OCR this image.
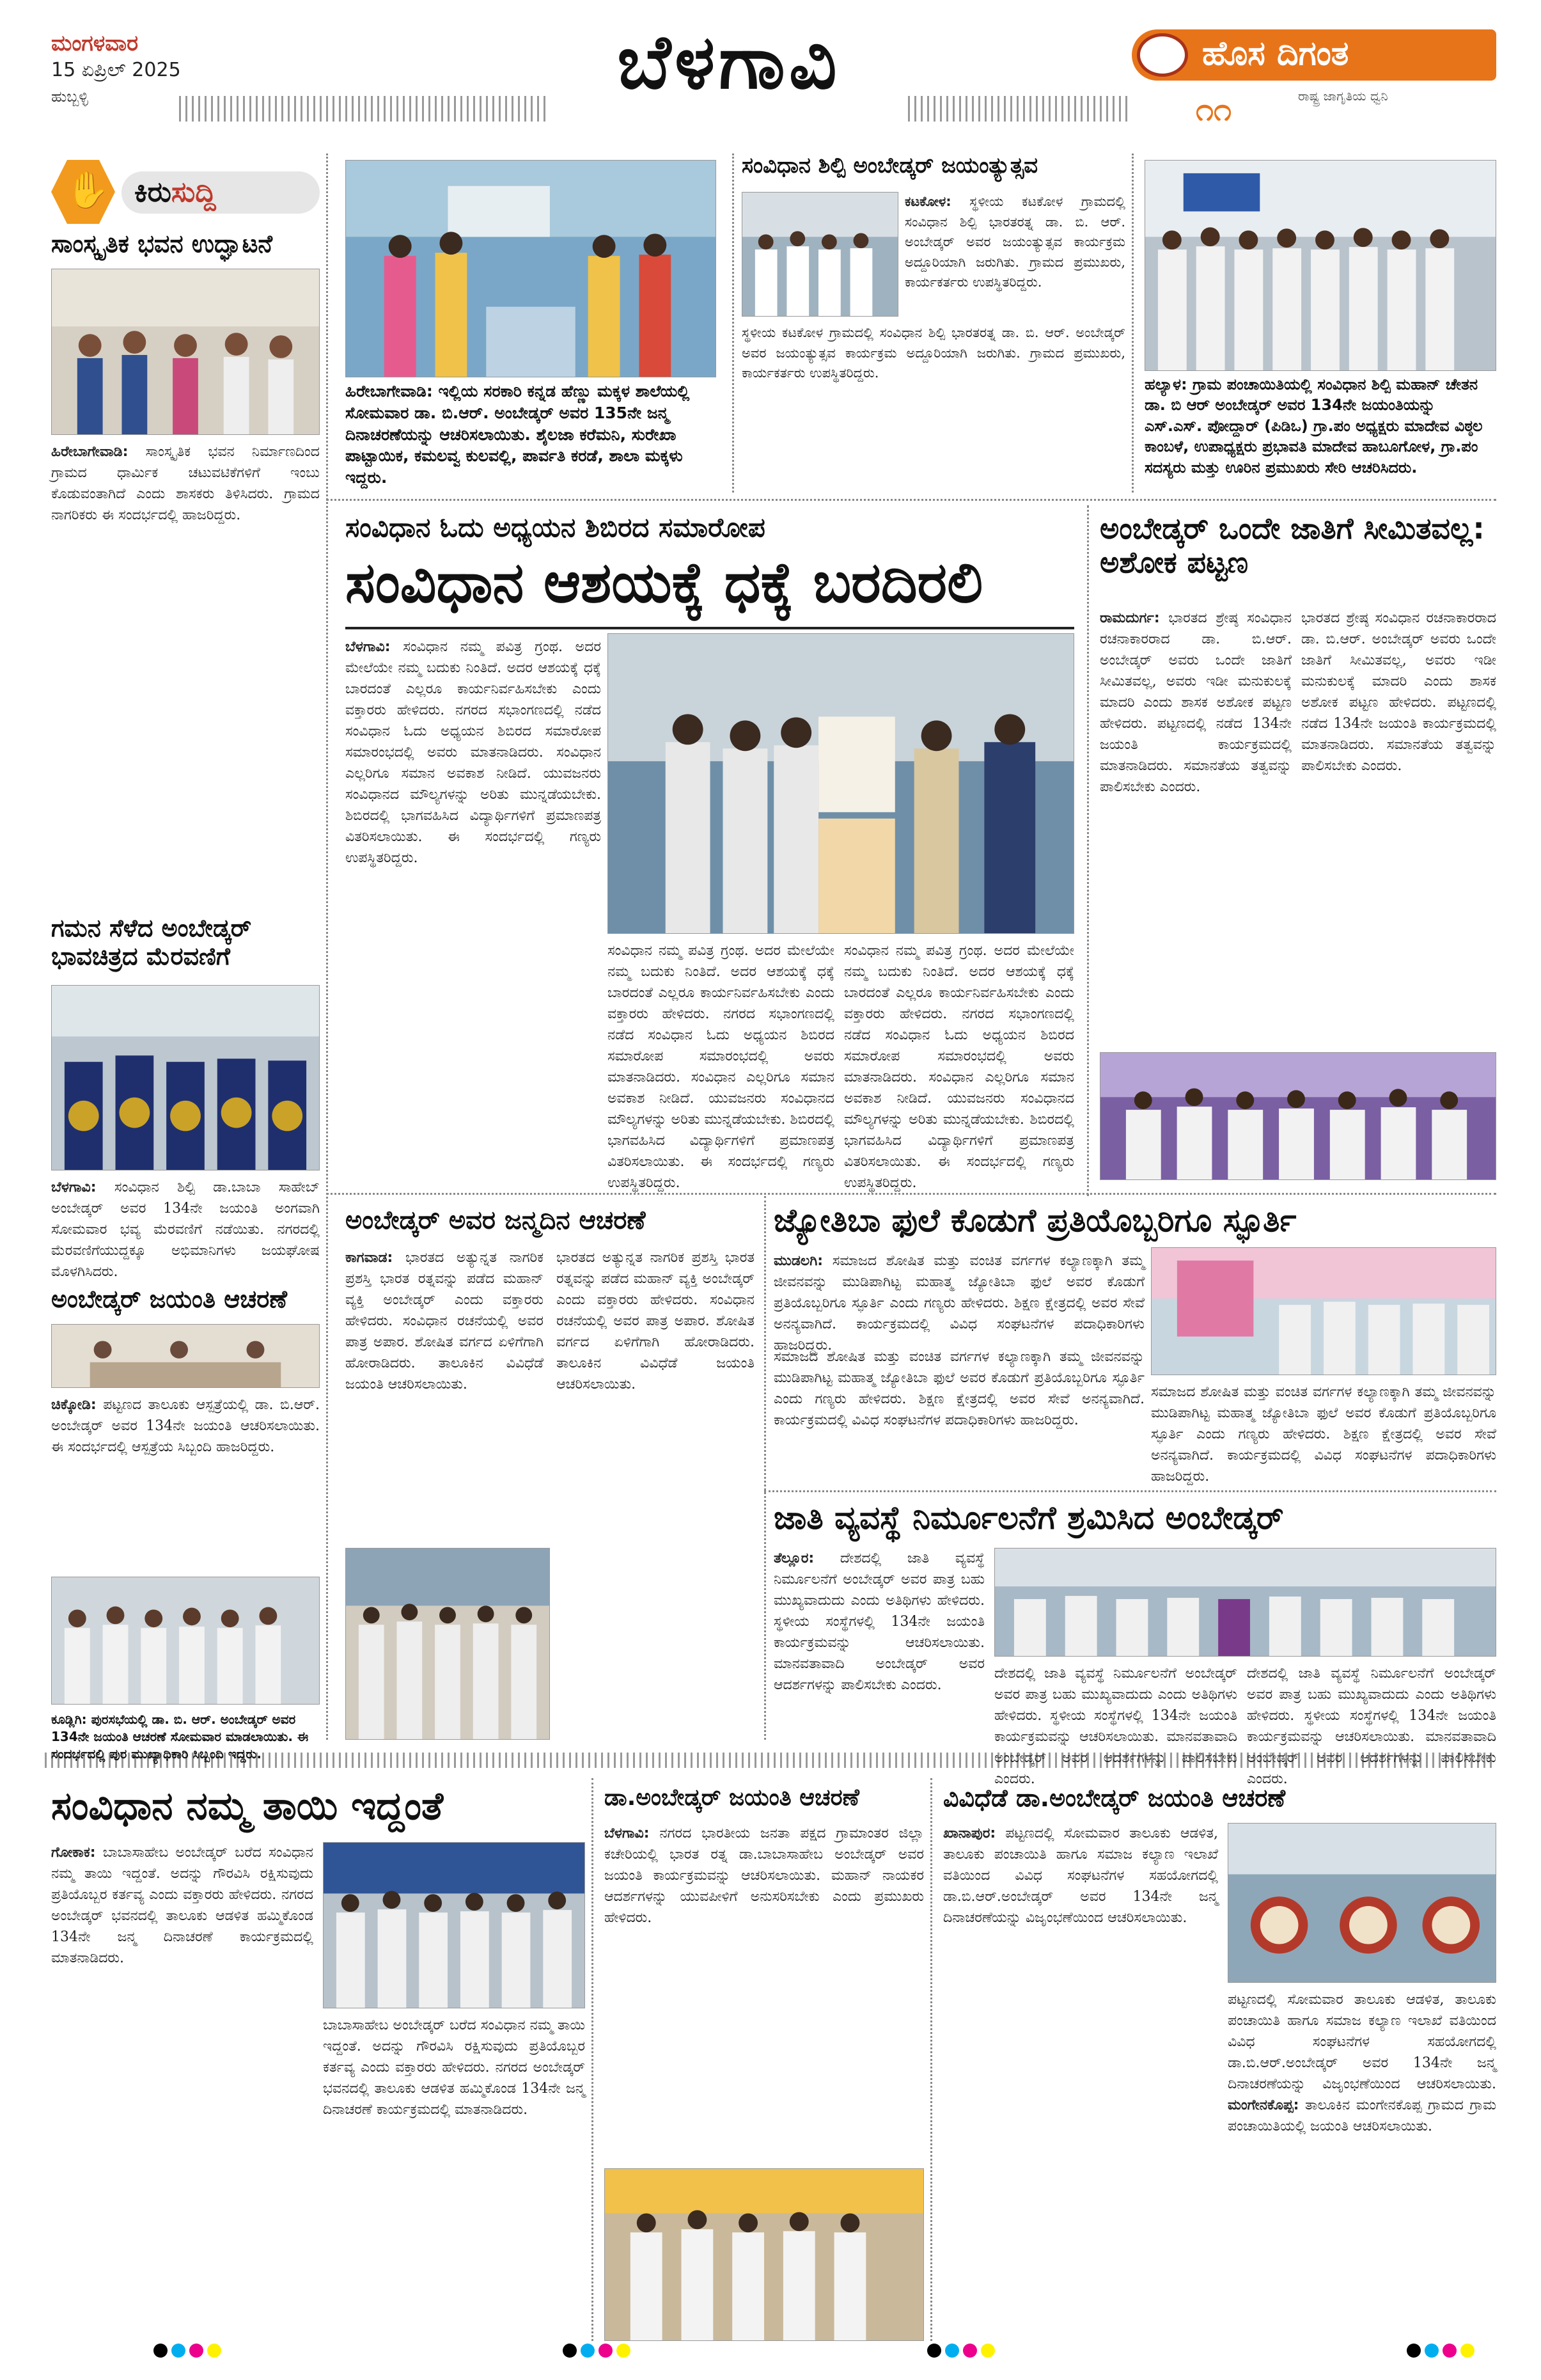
ಮಂಗಳವಾರ
15 ಏಪ್ರಿಲ್ 2025
ಹುಬ್ಬಳ್ಳಿ	ಬೆಳಗಾವಿ	ಹೊಸ ದಿಗಂತ
೧೧	ರಾಷ್ಟ್ರ ಜಾಗೃತಿಯ ಧ್ವನಿ
✋ ಕಿರುಸುದ್ದಿ
ಸಾಂಸ್ಕೃತಿಕ ಭವನ ಉದ್ಘಾಟನೆ
ಹಿರೇಬಾಗೇವಾಡಿ: ಸಾಂಸ್ಕೃತಿಕ ಭವನ ನಿರ್ಮಾಣದಿಂದ ಗ್ರಾಮದ ಧಾರ್ಮಿಕ ಚಟುವಟಿಕೆಗಳಿಗೆ ಇಂಬು ಕೊಡುವಂತಾಗಿದೆ ಎಂದು ಶಾಸಕರು ತಿಳಿಸಿದರು. ಗ್ರಾಮದ ನಾಗರಿಕರು ಈ ಸಂದರ್ಭದಲ್ಲಿ ಹಾಜರಿದ್ದರು.
ಗಮನ ಸೆಳೆದ ಅಂಬೇಡ್ಕರ್ ಭಾವಚಿತ್ರದ ಮೆರವಣಿಗೆ
ಬೆಳಗಾವಿ: ಸಂವಿಧಾನ ಶಿಲ್ಪಿ ಡಾ.ಬಾಬಾ ಸಾಹೇಬ್ ಅಂಬೇಡ್ಕರ್ ಅವರ 134ನೇ ಜಯಂತಿ ಅಂಗವಾಗಿ ಸೋಮವಾರ ಭವ್ಯ ಮೆರವಣಿಗೆ ನಡೆಯಿತು. ನಗರದಲ್ಲಿ ಮೆರವಣಿಗೆಯುದ್ದಕ್ಕೂ ಅಭಿಮಾನಿಗಳು ಜಯಘೋಷ ಮೊಳಗಿಸಿದರು.
ಅಂಬೇಡ್ಕರ್ ಜಯಂತಿ ಆಚರಣೆ
ಚಿಕ್ಕೋಡಿ: ಪಟ್ಟಣದ ತಾಲೂಕು ಆಸ್ಪತ್ರೆಯಲ್ಲಿ ಡಾ. ಬಿ.ಆರ್. ಅಂಬೇಡ್ಕರ್ ಅವರ 134ನೇ ಜಯಂತಿ ಆಚರಿಸಲಾಯಿತು. ಈ ಸಂದರ್ಭದಲ್ಲಿ ಆಸ್ಪತ್ರೆಯ ಸಿಬ್ಬಂದಿ ಹಾಜರಿದ್ದರು.
ಕೂಡ್ಲಿಗಿ: ಪುರಸಭೆಯಲ್ಲಿ ಡಾ. ಬಿ. ಆರ್. ಅಂಬೇಡ್ಕರ್ ಅವರ 134ನೇ ಜಯಂತಿ ಆಚರಣೆ ಸೋಮವಾರ ಮಾಡಲಾಯಿತು. ಈ ಸಂದರ್ಭದಲ್ಲಿ ಪುರ ಮುಖ್ಯಾಧಿಕಾರಿ ಸಿಬ್ಬಂದಿ ಇದ್ದರು.
ಹಿರೇಬಾಗೇವಾಡಿ: ಇಲ್ಲಿಯ ಸರಕಾರಿ ಕನ್ನಡ ಹೆಣ್ಣು ಮಕ್ಕಳ ಶಾಲೆಯಲ್ಲಿ ಸೋಮವಾರ ಡಾ. ಬಿ.ಆರ್. ಅಂಬೇಡ್ಕರ್ ಅವರ 135ನೇ ಜನ್ಮ ದಿನಾಚರಣೆಯನ್ನು ಆಚರಿಸಲಾಯಿತು. ಶೈಲಜಾ ಕರೆಮನಿ, ಸುರೇಖಾ ಪಾಟ್ಟಾಯಿಕ, ಕಮಲವ್ವ ಕುಲವಲ್ಲಿ, ಪಾರ್ವತಿ ಕರಡೆ, ಶಾಲಾ ಮಕ್ಕಳು ಇದ್ದರು.
ಸಂವಿಧಾನ ಶಿಲ್ಪಿ ಅಂಬೇಡ್ಕರ್ ಜಯಂತ್ಯುತ್ಸವ
ಕಟಕೋಳ: ಸ್ಥಳೀಯ ಕಟಕೋಳ ಗ್ರಾಮದಲ್ಲಿ ಸಂವಿಧಾನ ಶಿಲ್ಪಿ ಭಾರತರತ್ನ ಡಾ. ಬಿ. ಆರ್. ಅಂಬೇಡ್ಕರ್ ಅವರ ಜಯಂತ್ಯುತ್ಸವ ಕಾರ್ಯಕ್ರಮ ಅದ್ದೂರಿಯಾಗಿ ಜರುಗಿತು. ಗ್ರಾಮದ ಪ್ರಮುಖರು, ಕಾರ್ಯಕರ್ತರು ಉಪಸ್ಥಿತರಿದ್ದರು.
ಸ್ಥಳೀಯ ಕಟಕೋಳ ಗ್ರಾಮದಲ್ಲಿ ಸಂವಿಧಾನ ಶಿಲ್ಪಿ ಭಾರತರತ್ನ ಡಾ. ಬಿ. ಆರ್. ಅಂಬೇಡ್ಕರ್ ಅವರ ಜಯಂತ್ಯುತ್ಸವ ಕಾರ್ಯಕ್ರಮ ಅದ್ದೂರಿಯಾಗಿ ಜರುಗಿತು. ಗ್ರಾಮದ ಪ್ರಮುಖರು, ಕಾರ್ಯಕರ್ತರು ಉಪಸ್ಥಿತರಿದ್ದರು.
ಹಲ್ಯಾಳ: ಗ್ರಾಮ ಪಂಚಾಯಿತಿಯಲ್ಲಿ ಸಂವಿಧಾನ ಶಿಲ್ಪಿ ಮಹಾನ್ ಚೇತನ ಡಾ. ಬಿ ಆರ್ ಅಂಬೇಡ್ಕರ್ ಅವರ 134ನೇ ಜಯಂತಿಯನ್ನು ಎಸ್.ಎಸ್. ಪೋದ್ದಾರ್ (ಪಿಡಿಒ) ಗ್ರಾ.ಪಂ ಅಧ್ಯಕ್ಷರು ಮಾದೇವ ವಿಠ್ಠಲ ಕಾಂಬಳೆ, ಉಪಾಧ್ಯಕ್ಷರು ಪ್ರಭಾವತಿ ಮಾದೇವ ಹಾಬೂಗೋಳ, ಗ್ರಾ.ಪಂ ಸದಸ್ಯರು ಮತ್ತು ಊರಿನ ಪ್ರಮುಖರು ಸೇರಿ ಆಚರಿಸಿದರು.
ಸಂವಿಧಾನ ಓದು ಅಧ್ಯಯನ ಶಿಬಿರದ ಸಮಾರೋಪ
ಸಂವಿಧಾನ ಆಶಯಕ್ಕೆ ಧಕ್ಕೆ ಬರದಿರಲಿ
ಬೆಳಗಾವಿ: ಸಂವಿಧಾನ ನಮ್ಮ ಪವಿತ್ರ ಗ್ರಂಥ. ಅದರ ಮೇಲೆಯೇ ನಮ್ಮ ಬದುಕು ನಿಂತಿದೆ. ಅದರ ಆಶಯಕ್ಕೆ ಧಕ್ಕೆ ಬಾರದಂತೆ ಎಲ್ಲರೂ ಕಾರ್ಯನಿರ್ವಹಿಸಬೇಕು ಎಂದು ವಕ್ತಾರರು ಹೇಳಿದರು. ನಗರದ ಸಭಾಂಗಣದಲ್ಲಿ ನಡೆದ ಸಂವಿಧಾನ ಓದು ಅಧ್ಯಯನ ಶಿಬಿರದ ಸಮಾರೋಪ ಸಮಾರಂಭದಲ್ಲಿ ಅವರು ಮಾತನಾಡಿದರು. ಸಂವಿಧಾನ ಎಲ್ಲರಿಗೂ ಸಮಾನ ಅವಕಾಶ ನೀಡಿದೆ. ಯುವಜನರು ಸಂವಿಧಾನದ ಮೌಲ್ಯಗಳನ್ನು ಅರಿತು ಮುನ್ನಡೆಯಬೇಕು. ಶಿಬಿರದಲ್ಲಿ ಭಾಗವಹಿಸಿದ ವಿದ್ಯಾರ್ಥಿಗಳಿಗೆ ಪ್ರಮಾಣಪತ್ರ ವಿತರಿಸಲಾಯಿತು. ಈ ಸಂದರ್ಭದಲ್ಲಿ ಗಣ್ಯರು ಉಪಸ್ಥಿತರಿದ್ದರು.
ಸಂವಿಧಾನ ನಮ್ಮ ಪವಿತ್ರ ಗ್ರಂಥ. ಅದರ ಮೇಲೆಯೇ ನಮ್ಮ ಬದುಕು ನಿಂತಿದೆ. ಅದರ ಆಶಯಕ್ಕೆ ಧಕ್ಕೆ ಬಾರದಂತೆ ಎಲ್ಲರೂ ಕಾರ್ಯನಿರ್ವಹಿಸಬೇಕು ಎಂದು ವಕ್ತಾರರು ಹೇಳಿದರು. ನಗರದ ಸಭಾಂಗಣದಲ್ಲಿ ನಡೆದ ಸಂವಿಧಾನ ಓದು ಅಧ್ಯಯನ ಶಿಬಿರದ ಸಮಾರೋಪ ಸಮಾರಂಭದಲ್ಲಿ ಅವರು ಮಾತನಾಡಿದರು. ಸಂವಿಧಾನ ಎಲ್ಲರಿಗೂ ಸಮಾನ ಅವಕಾಶ ನೀಡಿದೆ. ಯುವಜನರು ಸಂವಿಧಾನದ ಮೌಲ್ಯಗಳನ್ನು ಅರಿತು ಮುನ್ನಡೆಯಬೇಕು. ಶಿಬಿರದಲ್ಲಿ ಭಾಗವಹಿಸಿದ ವಿದ್ಯಾರ್ಥಿಗಳಿಗೆ ಪ್ರಮಾಣಪತ್ರ ವಿತರಿಸಲಾಯಿತು. ಈ ಸಂದರ್ಭದಲ್ಲಿ ಗಣ್ಯರು ಉಪಸ್ಥಿತರಿದ್ದರು.
ಸಂವಿಧಾನ ನಮ್ಮ ಪವಿತ್ರ ಗ್ರಂಥ. ಅದರ ಮೇಲೆಯೇ ನಮ್ಮ ಬದುಕು ನಿಂತಿದೆ. ಅದರ ಆಶಯಕ್ಕೆ ಧಕ್ಕೆ ಬಾರದಂತೆ ಎಲ್ಲರೂ ಕಾರ್ಯನಿರ್ವಹಿಸಬೇಕು ಎಂದು ವಕ್ತಾರರು ಹೇಳಿದರು. ನಗರದ ಸಭಾಂಗಣದಲ್ಲಿ ನಡೆದ ಸಂವಿಧಾನ ಓದು ಅಧ್ಯಯನ ಶಿಬಿರದ ಸಮಾರೋಪ ಸಮಾರಂಭದಲ್ಲಿ ಅವರು ಮಾತನಾಡಿದರು. ಸಂವಿಧಾನ ಎಲ್ಲರಿಗೂ ಸಮಾನ ಅವಕಾಶ ನೀಡಿದೆ. ಯುವಜನರು ಸಂವಿಧಾನದ ಮೌಲ್ಯಗಳನ್ನು ಅರಿತು ಮುನ್ನಡೆಯಬೇಕು. ಶಿಬಿರದಲ್ಲಿ ಭಾಗವಹಿಸಿದ ವಿದ್ಯಾರ್ಥಿಗಳಿಗೆ ಪ್ರಮಾಣಪತ್ರ ವಿತರಿಸಲಾಯಿತು. ಈ ಸಂದರ್ಭದಲ್ಲಿ ಗಣ್ಯರು ಉಪಸ್ಥಿತರಿದ್ದರು.
ಅಂಬೇಡ್ಕರ್ ಒಂದೇ ಜಾತಿಗೆ ಸೀಮಿತವಲ್ಲ: ಅಶೋಕ ಪಟ್ಟಣ
ರಾಮದುರ್ಗ: ಭಾರತದ ಶ್ರೇಷ್ಠ ಸಂವಿಧಾನ ರಚನಾಕಾರರಾದ ಡಾ. ಬಿ.ಆರ್. ಅಂಬೇಡ್ಕರ್ ಅವರು ಒಂದೇ ಜಾತಿಗೆ ಸೀಮಿತವಲ್ಲ, ಅವರು ಇಡೀ ಮನುಕುಲಕ್ಕೆ ಮಾದರಿ ಎಂದು ಶಾಸಕ ಅಶೋಕ ಪಟ್ಟಣ ಹೇಳಿದರು. ಪಟ್ಟಣದಲ್ಲಿ ನಡೆದ 134ನೇ ಜಯಂತಿ ಕಾರ್ಯಕ್ರಮದಲ್ಲಿ ಮಾತನಾಡಿದರು. ಸಮಾನತೆಯ ತತ್ವವನ್ನು ಪಾಲಿಸಬೇಕು ಎಂದರು.
ಭಾರತದ ಶ್ರೇಷ್ಠ ಸಂವಿಧಾನ ರಚನಾಕಾರರಾದ ಡಾ. ಬಿ.ಆರ್. ಅಂಬೇಡ್ಕರ್ ಅವರು ಒಂದೇ ಜಾತಿಗೆ ಸೀಮಿತವಲ್ಲ, ಅವರು ಇಡೀ ಮನುಕುಲಕ್ಕೆ ಮಾದರಿ ಎಂದು ಶಾಸಕ ಅಶೋಕ ಪಟ್ಟಣ ಹೇಳಿದರು. ಪಟ್ಟಣದಲ್ಲಿ ನಡೆದ 134ನೇ ಜಯಂತಿ ಕಾರ್ಯಕ್ರಮದಲ್ಲಿ ಮಾತನಾಡಿದರು. ಸಮಾನತೆಯ ತತ್ವವನ್ನು ಪಾಲಿಸಬೇಕು ಎಂದರು.
ಅಂಬೇಡ್ಕರ್ ಅವರ ಜನ್ಮದಿನ ಆಚರಣೆ
ಕಾಗವಾಡ: ಭಾರತದ ಅತ್ಯುನ್ನತ ನಾಗರಿಕ ಪ್ರಶಸ್ತಿ ಭಾರತ ರತ್ನವನ್ನು ಪಡೆದ ಮಹಾನ್ ವ್ಯಕ್ತಿ ಅಂಬೇಡ್ಕರ್ ಎಂದು ವಕ್ತಾರರು ಹೇಳಿದರು. ಸಂವಿಧಾನ ರಚನೆಯಲ್ಲಿ ಅವರ ಪಾತ್ರ ಅಪಾರ. ಶೋಷಿತ ವರ್ಗದ ಏಳಿಗೆಗಾಗಿ ಹೋರಾಡಿದರು. ತಾಲೂಕಿನ ವಿವಿಧೆಡೆ ಜಯಂತಿ ಆಚರಿಸಲಾಯಿತು.
ಭಾರತದ ಅತ್ಯುನ್ನತ ನಾಗರಿಕ ಪ್ರಶಸ್ತಿ ಭಾರತ ರತ್ನವನ್ನು ಪಡೆದ ಮಹಾನ್ ವ್ಯಕ್ತಿ ಅಂಬೇಡ್ಕರ್ ಎಂದು ವಕ್ತಾರರು ಹೇಳಿದರು. ಸಂವಿಧಾನ ರಚನೆಯಲ್ಲಿ ಅವರ ಪಾತ್ರ ಅಪಾರ. ಶೋಷಿತ ವರ್ಗದ ಏಳಿಗೆಗಾಗಿ ಹೋರಾಡಿದರು. ತಾಲೂಕಿನ ವಿವಿಧೆಡೆ ಜಯಂತಿ ಆಚರಿಸಲಾಯಿತು.
ಜ್ಯೋತಿಬಾ ಫುಲೆ ಕೊಡುಗೆ ಪ್ರತಿಯೊಬ್ಬರಿಗೂ ಸ್ಫೂರ್ತಿ
ಮುಡಲಗಿ: ಸಮಾಜದ ಶೋಷಿತ ಮತ್ತು ವಂಚಿತ ವರ್ಗಗಳ ಕಲ್ಯಾಣಕ್ಕಾಗಿ ತಮ್ಮ ಜೀವನವನ್ನು ಮುಡಿಪಾಗಿಟ್ಟ ಮಹಾತ್ಮ ಜ್ಯೋತಿಬಾ ಫುಲೆ ಅವರ ಕೊಡುಗೆ ಪ್ರತಿಯೊಬ್ಬರಿಗೂ ಸ್ಫೂರ್ತಿ ಎಂದು ಗಣ್ಯರು ಹೇಳಿದರು. ಶಿಕ್ಷಣ ಕ್ಷೇತ್ರದಲ್ಲಿ ಅವರ ಸೇವೆ ಅನನ್ಯವಾಗಿದೆ. ಕಾರ್ಯಕ್ರಮದಲ್ಲಿ ವಿವಿಧ ಸಂಘಟನೆಗಳ ಪದಾಧಿಕಾರಿಗಳು ಹಾಜರಿದ್ದರು.
ಸಮಾಜದ ಶೋಷಿತ ಮತ್ತು ವಂಚಿತ ವರ್ಗಗಳ ಕಲ್ಯಾಣಕ್ಕಾಗಿ ತಮ್ಮ ಜೀವನವನ್ನು ಮುಡಿಪಾಗಿಟ್ಟ ಮಹಾತ್ಮ ಜ್ಯೋತಿಬಾ ಫುಲೆ ಅವರ ಕೊಡುಗೆ ಪ್ರತಿಯೊಬ್ಬರಿಗೂ ಸ್ಫೂರ್ತಿ ಎಂದು ಗಣ್ಯರು ಹೇಳಿದರು. ಶಿಕ್ಷಣ ಕ್ಷೇತ್ರದಲ್ಲಿ ಅವರ ಸೇವೆ ಅನನ್ಯವಾಗಿದೆ. ಕಾರ್ಯಕ್ರಮದಲ್ಲಿ ವಿವಿಧ ಸಂಘಟನೆಗಳ ಪದಾಧಿಕಾರಿಗಳು ಹಾಜರಿದ್ದರು.
ಸಮಾಜದ ಶೋಷಿತ ಮತ್ತು ವಂಚಿತ ವರ್ಗಗಳ ಕಲ್ಯಾಣಕ್ಕಾಗಿ ತಮ್ಮ ಜೀವನವನ್ನು ಮುಡಿಪಾಗಿಟ್ಟ ಮಹಾತ್ಮ ಜ್ಯೋತಿಬಾ ಫುಲೆ ಅವರ ಕೊಡುಗೆ ಪ್ರತಿಯೊಬ್ಬರಿಗೂ ಸ್ಫೂರ್ತಿ ಎಂದು ಗಣ್ಯರು ಹೇಳಿದರು. ಶಿಕ್ಷಣ ಕ್ಷೇತ್ರದಲ್ಲಿ ಅವರ ಸೇವೆ ಅನನ್ಯವಾಗಿದೆ. ಕಾರ್ಯಕ್ರಮದಲ್ಲಿ ವಿವಿಧ ಸಂಘಟನೆಗಳ ಪದಾಧಿಕಾರಿಗಳು ಹಾಜರಿದ್ದರು.
ಜಾತಿ ವ್ಯವಸ್ಥೆ ನಿರ್ಮೂಲನೆಗೆ ಶ್ರಮಿಸಿದ ಅಂಬೇಡ್ಕರ್
ತೆಲ್ಲೂರ: ದೇಶದಲ್ಲಿ ಜಾತಿ ವ್ಯವಸ್ಥೆ ನಿರ್ಮೂಲನೆಗೆ ಅಂಬೇಡ್ಕರ್ ಅವರ ಪಾತ್ರ ಬಹು ಮುಖ್ಯವಾದುದು ಎಂದು ಅತಿಥಿಗಳು ಹೇಳಿದರು. ಸ್ಥಳೀಯ ಸಂಸ್ಥೆಗಳಲ್ಲಿ 134ನೇ ಜಯಂತಿ ಕಾರ್ಯಕ್ರಮವನ್ನು ಆಚರಿಸಲಾಯಿತು. ಮಾನವತಾವಾದಿ ಅಂಬೇಡ್ಕರ್ ಅವರ ಆದರ್ಶಗಳನ್ನು ಪಾಲಿಸಬೇಕು ಎಂದರು.
ದೇಶದಲ್ಲಿ ಜಾತಿ ವ್ಯವಸ್ಥೆ ನಿರ್ಮೂಲನೆಗೆ ಅಂಬೇಡ್ಕರ್ ಅವರ ಪಾತ್ರ ಬಹು ಮುಖ್ಯವಾದುದು ಎಂದು ಅತಿಥಿಗಳು ಹೇಳಿದರು. ಸ್ಥಳೀಯ ಸಂಸ್ಥೆಗಳಲ್ಲಿ 134ನೇ ಜಯಂತಿ ಕಾರ್ಯಕ್ರಮವನ್ನು ಆಚರಿಸಲಾಯಿತು. ಮಾನವತಾವಾದಿ ಅಂಬೇಡ್ಕರ್ ಅವರ ಆದರ್ಶಗಳನ್ನು ಪಾಲಿಸಬೇಕು ಎಂದರು.
ದೇಶದಲ್ಲಿ ಜಾತಿ ವ್ಯವಸ್ಥೆ ನಿರ್ಮೂಲನೆಗೆ ಅಂಬೇಡ್ಕರ್ ಅವರ ಪಾತ್ರ ಬಹು ಮುಖ್ಯವಾದುದು ಎಂದು ಅತಿಥಿಗಳು ಹೇಳಿದರು. ಸ್ಥಳೀಯ ಸಂಸ್ಥೆಗಳಲ್ಲಿ 134ನೇ ಜಯಂತಿ ಕಾರ್ಯಕ್ರಮವನ್ನು ಆಚರಿಸಲಾಯಿತು. ಮಾನವತಾವಾದಿ ಅಂಬೇಡ್ಕರ್ ಅವರ ಆದರ್ಶಗಳನ್ನು ಪಾಲಿಸಬೇಕು ಎಂದರು.
ಸಂವಿಧಾನ ನಮ್ಮ ತಾಯಿ ಇದ್ದಂತೆ
ಗೋಕಾಕ: ಬಾಬಾಸಾಹೇಬ ಅಂಬೇಡ್ಕರ್ ಬರೆದ ಸಂವಿಧಾನ ನಮ್ಮ ತಾಯಿ ಇದ್ದಂತೆ. ಅದನ್ನು ಗೌರವಿಸಿ ರಕ್ಷಿಸುವುದು ಪ್ರತಿಯೊಬ್ಬರ ಕರ್ತವ್ಯ ಎಂದು ವಕ್ತಾರರು ಹೇಳಿದರು. ನಗರದ ಅಂಬೇಡ್ಕರ್ ಭವನದಲ್ಲಿ ತಾಲೂಕು ಆಡಳಿತ ಹಮ್ಮಿಕೊಂಡ 134ನೇ ಜನ್ಮ ದಿನಾಚರಣೆ ಕಾರ್ಯಕ್ರಮದಲ್ಲಿ ಮಾತನಾಡಿದರು.
ಬಾಬಾಸಾಹೇಬ ಅಂಬೇಡ್ಕರ್ ಬರೆದ ಸಂವಿಧಾನ ನಮ್ಮ ತಾಯಿ ಇದ್ದಂತೆ. ಅದನ್ನು ಗೌರವಿಸಿ ರಕ್ಷಿಸುವುದು ಪ್ರತಿಯೊಬ್ಬರ ಕರ್ತವ್ಯ ಎಂದು ವಕ್ತಾರರು ಹೇಳಿದರು. ನಗರದ ಅಂಬೇಡ್ಕರ್ ಭವನದಲ್ಲಿ ತಾಲೂಕು ಆಡಳಿತ ಹಮ್ಮಿಕೊಂಡ 134ನೇ ಜನ್ಮ ದಿನಾಚರಣೆ ಕಾರ್ಯಕ್ರಮದಲ್ಲಿ ಮಾತನಾಡಿದರು.
ಡಾ.ಅಂಬೇಡ್ಕರ್ ಜಯಂತಿ ಆಚರಣೆ
ಬೆಳಗಾವಿ: ನಗರದ ಭಾರತೀಯ ಜನತಾ ಪಕ್ಷದ ಗ್ರಾಮಾಂತರ ಜಿಲ್ಲಾ ಕಚೇರಿಯಲ್ಲಿ ಭಾರತ ರತ್ನ ಡಾ.ಬಾಬಾಸಾಹೇಬ ಅಂಬೇಡ್ಕರ್ ಅವರ ಜಯಂತಿ ಕಾರ್ಯಕ್ರಮವನ್ನು ಆಚರಿಸಲಾಯಿತು. ಮಹಾನ್ ನಾಯಕರ ಆದರ್ಶಗಳನ್ನು ಯುವಪೀಳಿಗೆ ಅನುಸರಿಸಬೇಕು ಎಂದು ಪ್ರಮುಖರು ಹೇಳಿದರು.
ವಿವಿಧೆಡೆ ಡಾ.ಅಂಬೇಡ್ಕರ್ ಜಯಂತಿ ಆಚರಣೆ
ಖಾನಾಪುರ: ಪಟ್ಟಣದಲ್ಲಿ ಸೋಮವಾರ ತಾಲೂಕು ಆಡಳಿತ, ತಾಲೂಕು ಪಂಚಾಯಿತಿ ಹಾಗೂ ಸಮಾಜ ಕಲ್ಯಾಣ ಇಲಾಖೆ ವತಿಯಿಂದ ವಿವಿಧ ಸಂಘಟನೆಗಳ ಸಹಯೋಗದಲ್ಲಿ ಡಾ.ಬಿ.ಆರ್.ಅಂಬೇಡ್ಕರ್ ಅವರ 134ನೇ ಜನ್ಮ ದಿನಾಚರಣೆಯನ್ನು ವಿಜೃಂಭಣೆಯಿಂದ ಆಚರಿಸಲಾಯಿತು.
ಪಟ್ಟಣದಲ್ಲಿ ಸೋಮವಾರ ತಾಲೂಕು ಆಡಳಿತ, ತಾಲೂಕು ಪಂಚಾಯಿತಿ ಹಾಗೂ ಸಮಾಜ ಕಲ್ಯಾಣ ಇಲಾಖೆ ವತಿಯಿಂದ ವಿವಿಧ ಸಂಘಟನೆಗಳ ಸಹಯೋಗದಲ್ಲಿ ಡಾ.ಬಿ.ಆರ್.ಅಂಬೇಡ್ಕರ್ ಅವರ 134ನೇ ಜನ್ಮ ದಿನಾಚರಣೆಯನ್ನು ವಿಜೃಂಭಣೆಯಿಂದ ಆಚರಿಸಲಾಯಿತು. ಮಂಗೇನಕೊಪ್ಪ: ತಾಲೂಕಿನ ಮಂಗೇನಕೊಪ್ಪ ಗ್ರಾಮದ ಗ್ರಾಮ ಪಂಚಾಯಿತಿಯಲ್ಲಿ ಜಯಂತಿ ಆಚರಿಸಲಾಯಿತು.
